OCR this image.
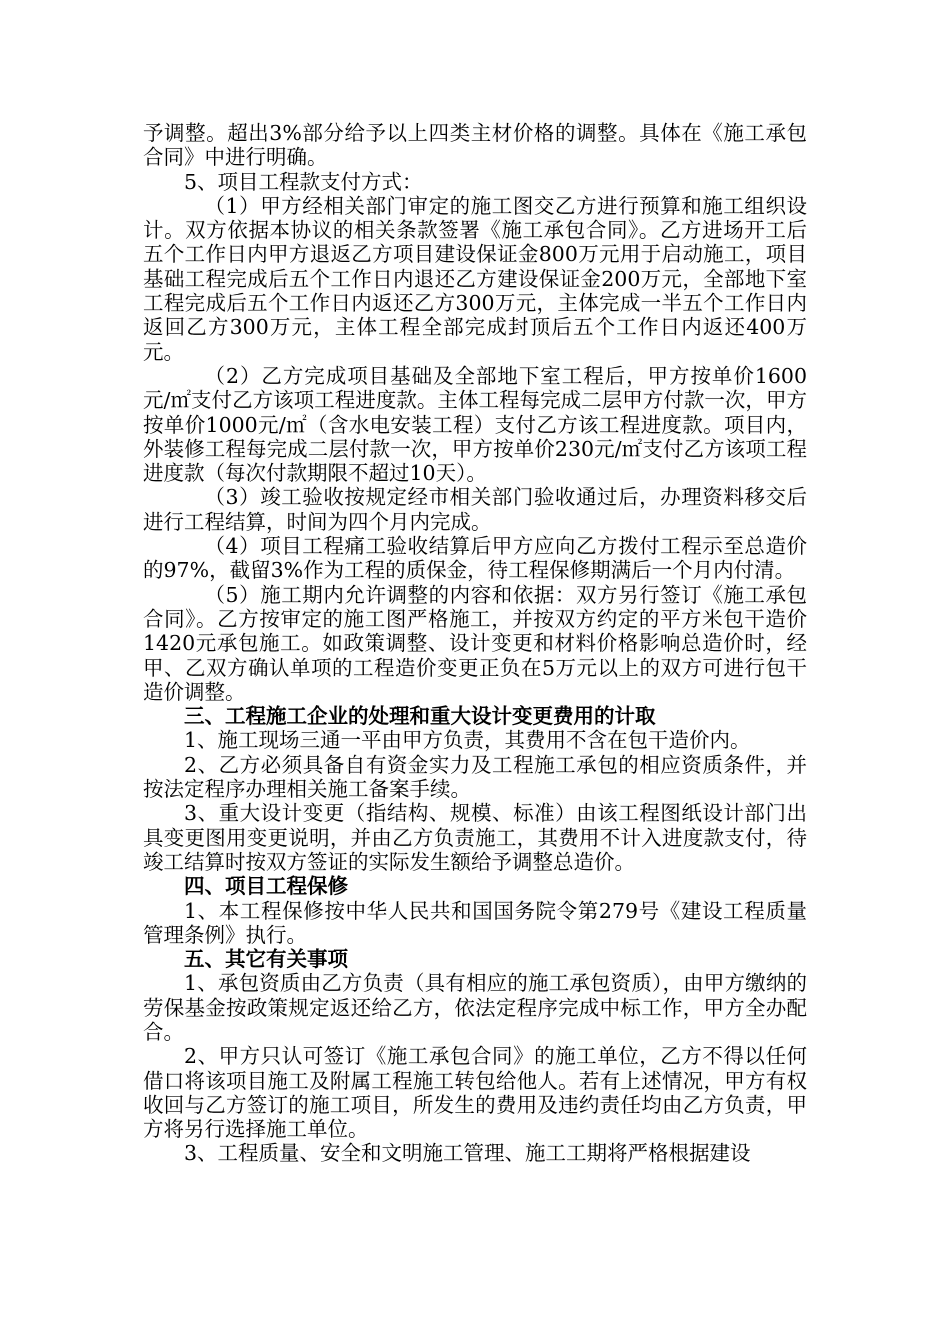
予调整。超出3%部分给予以上四类主材价格的调整。具体在《施工承包合同》中进行明确。

5、项目工程款支付方式：

（1）甲方经相关部门审定的施工图交乙方进行预算和施工组织设计。双方依据本协议的相关条款签署《施工承包合同》。乙方进场开工后五个工作日内甲方退返乙方项目建设保证金800万元用于启动施工，项目基础工程完成后五个工作日内退还乙方建设保证金200万元，全部地下室工程完成后五个工作日内返还乙方300万元，主体完成一半五个工作日内返回乙方300万元，主体工程全部完成封顶后五个工作日内返还400万元。

（2）乙方完成项目基础及全部地下室工程后，甲方按单价1600元/㎡支付乙方该项工程进度款。主体工程每完成二层甲方付款一次，甲方按单价1000元/㎡（含水电安装工程）支付乙方该工程进度款。项目内，外装修工程每完成二层付款一次，甲方按单价230元/㎡支付乙方该项工程进度款（每次付款期限不超过10天）。

（3）竣工验收按规定经市相关部门验收通过后，办理资料移交后进行工程结算，时间为四个月内完成。

（4）项目工程痛工验收结算后甲方应向乙方拨付工程示至总造价的97%，截留3%作为工程的质保金，待工程保修期满后一个月内付清。

（5）施工期内允许调整的内容和依据：双方另行签订《施工承包合同》。乙方按审定的施工图严格施工，并按双方约定的平方米包干造价1420元承包施工。如政策调整、设计变更和材料价格影响总造价时，经甲、乙双方确认单项的工程造价变更正负在5万元以上的双方可进行包干造价调整。

三、工程施工企业的处理和重大设计变更费用的计取

1、施工现场三通一平由甲方负责，其费用不含在包干造价内。

2、乙方必须具备自有资金实力及工程施工承包的相应资质条件，并按法定程序办理相关施工备案手续。

3、重大设计变更（指结构、规模、标准）由该工程图纸设计部门出具变更图用变更说明，并由乙方负责施工，其费用不计入进度款支付，待竣工结算时按双方签证的实际发生额给予调整总造价。

四、项目工程保修

1、本工程保修按中华人民共和国国务院令第279号《建设工程质量管理条例》执行。

五、其它有关事项

1、承包资质由乙方负责（具有相应的施工承包资质），由甲方缴纳的劳保基金按政策规定返还给乙方，依法定程序完成中标工作，甲方全办配合。

2、甲方只认可签订《施工承包合同》的施工单位，乙方不得以任何借口将该项目施工及附属工程施工转包给他人。若有上述情况，甲方有权收回与乙方签订的施工项目，所发生的费用及违约责任均由乙方负责，甲方将另行选择施工单位。

3、工程质量、安全和文明施工管理、施工工期将严格根据建设
